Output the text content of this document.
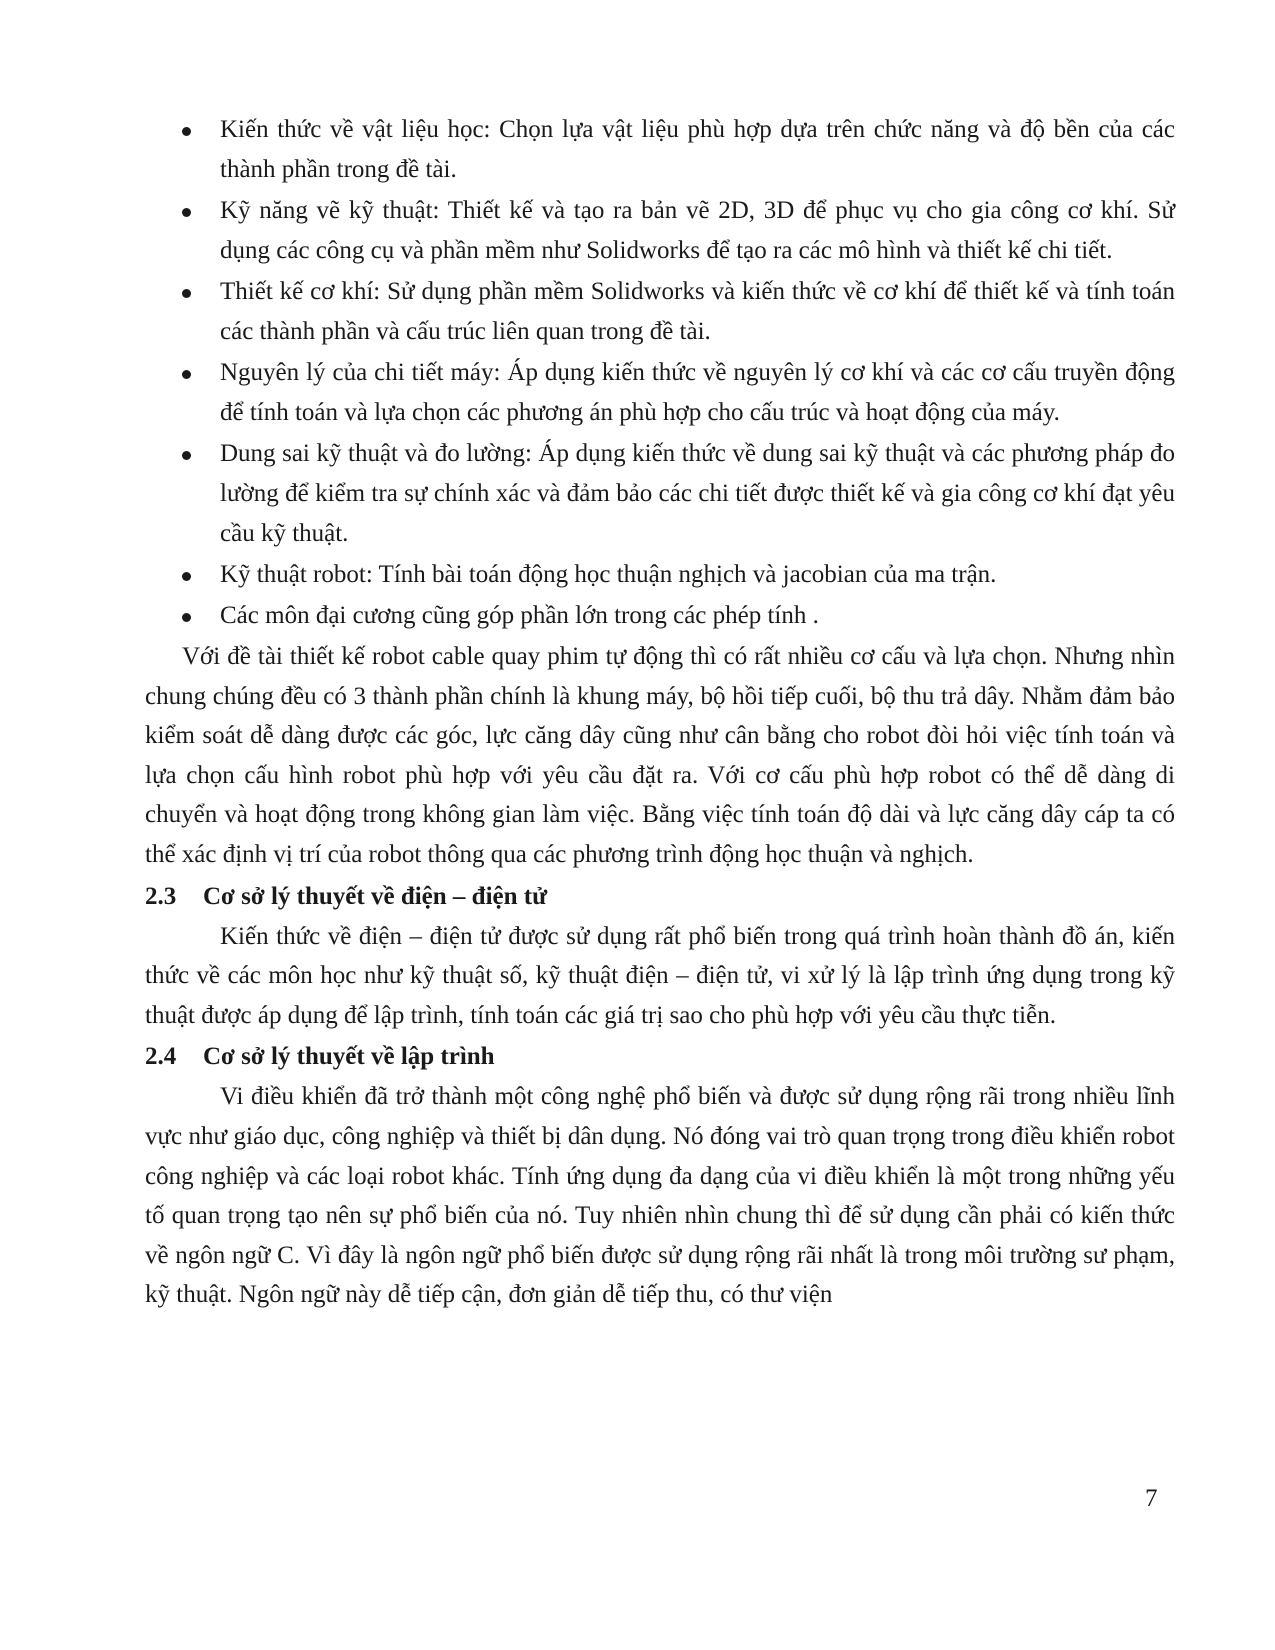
Kiến thức về vật liệu học: Chọn lựa vật liệu phù hợp dựa trên chức năng và độ bền của các thành phần trong đề tài.
Kỹ năng vẽ kỹ thuật: Thiết kế và tạo ra bản vẽ 2D, 3D để phục vụ cho gia công cơ khí. Sử dụng các công cụ và phần mềm như Solidworks để tạo ra các mô hình và thiết kế chi tiết.
Thiết kế cơ khí: Sử dụng phần mềm Solidworks và kiến thức về cơ khí để thiết kế và tính toán các thành phần và cấu trúc liên quan trong đề tài.
Nguyên lý của chi tiết máy: Áp dụng kiến thức về nguyên lý cơ khí và các cơ cấu truyền động để tính toán và lựa chọn các phương án phù hợp cho cấu trúc và hoạt động của máy.
Dung sai kỹ thuật và đo lường: Áp dụng kiến thức về dung sai kỹ thuật và các phương pháp đo lường để kiểm tra sự chính xác và đảm bảo các chi tiết được thiết kế và gia công cơ khí đạt yêu cầu kỹ thuật.
Kỹ thuật robot: Tính bài toán động học thuận nghịch và jacobian của ma trận.
Các môn đại cương cũng góp phần lớn trong các phép tính .

Với đề tài thiết kế robot cable quay phim tự động thì có rất nhiều cơ cấu và lựa chọn. Nhưng nhìn chung chúng đều có 3 thành phần chính là khung máy, bộ hồi tiếp cuối, bộ thu trả dây. Nhằm đảm bảo kiểm soát dễ dàng được các góc, lực căng dây cũng như cân bằng cho robot đòi hỏi việc tính toán và lựa chọn cấu hình robot phù hợp với yêu cầu đặt ra. Với cơ cấu phù hợp robot có thể dễ dàng di chuyển và hoạt động trong không gian làm việc. Bằng việc tính toán độ dài và lực căng dây cáp ta có thể xác định vị trí của robot thông qua các phương trình động học thuận và nghịch.

2.3	Cơ sở lý thuyết về điện – điện tử

Kiến thức về điện – điện tử được sử dụng rất phổ biến trong quá trình hoàn thành đồ án, kiến thức về các môn học như kỹ thuật số, kỹ thuật điện – điện tử, vi xử lý là lập trình ứng dụng trong kỹ thuật được áp dụng để lập trình, tính toán các giá trị sao cho phù hợp với yêu cầu thực tiễn.

2.4	Cơ sở lý thuyết về lập trình

Vi điều khiển đã trở thành một công nghệ phổ biến và được sử dụng rộng rãi trong nhiều lĩnh vực như giáo dục, công nghiệp và thiết bị dân dụng. Nó đóng vai trò quan trọng trong điều khiển robot công nghiệp và các loại robot khác. Tính ứng dụng đa dạng của vi điều khiển là một trong những yếu tố quan trọng tạo nên sự phổ biến của nó. Tuy nhiên nhìn chung thì để sử dụng cần phải có kiến thức về ngôn ngữ C. Vì đây là ngôn ngữ phổ biến được sử dụng rộng rãi nhất là trong môi trường sư phạm, kỹ thuật. Ngôn ngữ này dễ tiếp cận, đơn giản dễ tiếp thu, có thư viện

7
